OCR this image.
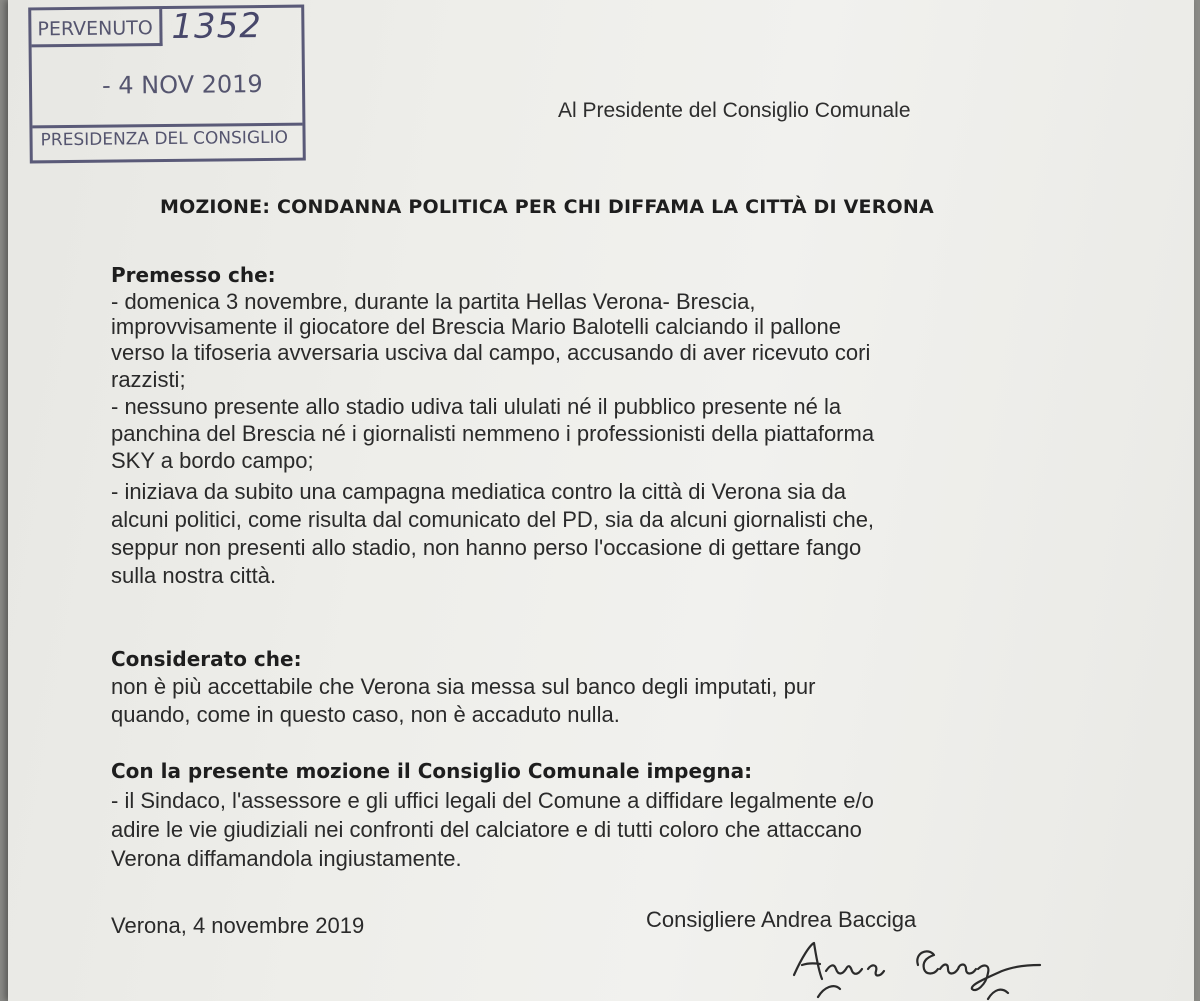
PERVENUTO 1352
- 4 NOV 2019
PRESIDENZA DEL CONSIGLIO
Al Presidente del Consiglio Comunale
MOZIONE: CONDANNA POLITICA PER CHI DIFFAMA LA CITTÀ DI VERONA
Premesso che:
- domenica 3 novembre, durante la partita Hellas Verona- Brescia,
improvvisamente il giocatore del Brescia Mario Balotelli calciando il pallone
verso la tifoseria avversaria usciva dal campo, accusando di aver ricevuto cori
razzisti;
- nessuno presente allo stadio udiva tali ululati né il pubblico presente né la
panchina del Brescia né i giornalisti nemmeno i professionisti della piattaforma
SKY a bordo campo;
- iniziava da subito una campagna mediatica contro la città di Verona sia da
alcuni politici, come risulta dal comunicato del PD, sia da alcuni giornalisti che,
seppur non presenti allo stadio, non hanno perso l'occasione di gettare fango
sulla nostra città.
Considerato che:
non è più accettabile che Verona sia messa sul banco degli imputati, pur
quando, come in questo caso, non è accaduto nulla.
Con la presente mozione il Consiglio Comunale impegna:
- il Sindaco, l'assessore e gli uffici legali del Comune a diffidare legalmente e/o
adire le vie giudiziali nei confronti del calciatore e di tutti coloro che attaccano
Verona diffamandola ingiustamente.
Verona, 4 novembre 2019	Consigliere Andrea Bacciga
